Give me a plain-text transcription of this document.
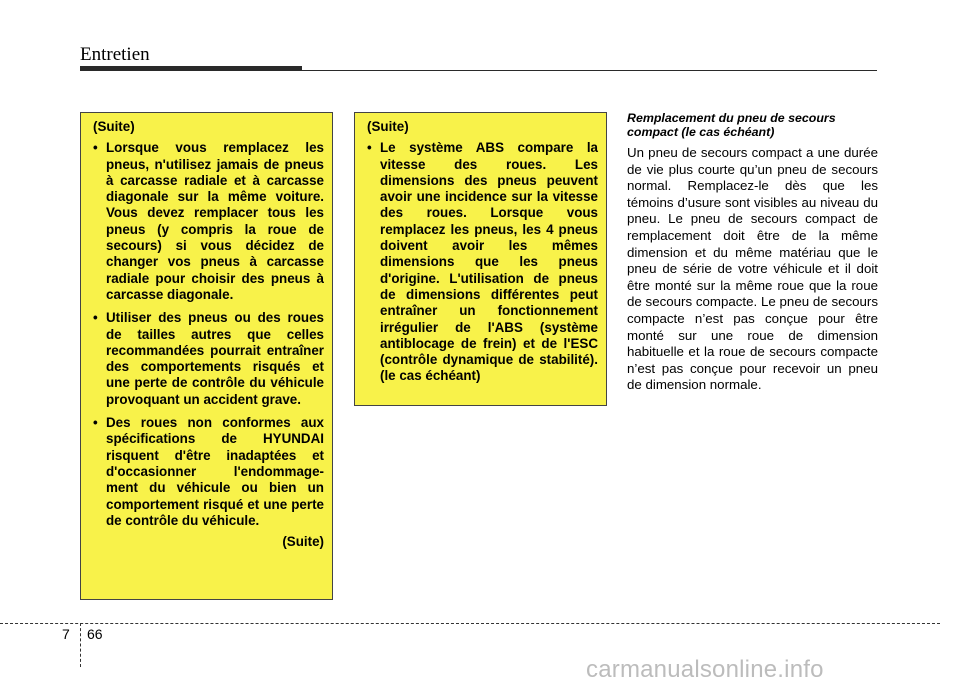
Entretien
(Suite)
• Lorsque vous remplacez les pneus, n'utilisez jamais de pneus à carcasse radiale et à carcasse diagonale sur la même voiture. Vous devez remplacer tous les pneus (y compris la roue de secours) si vous décidez de changer vos pneus à carcasse radiale pour choisir des pneus à carcasse diagonale.
• Utiliser des pneus ou des roues de tailles autres que celles recommandées pourrait entraîner des comportements risqués et une perte de contrôle du véhicule provoquant un accident grave.
• Des roues non conformes aux spécifications de HYUNDAI risquent d'être inadaptées et d'occasionner l'endommage- ment du véhicule ou bien un comportement risqué et une perte de contrôle du véhicule.
(Suite)
(Suite)
• Le système ABS compare la vitesse des roues. Les dimensions des pneus peuvent avoir une incidence sur la vitesse des roues. Lorsque vous remplacez les pneus, les 4 pneus doivent avoir les mêmes dimensions que les pneus d'origine. L'utilisation de pneus de dimensions différentes peut entraîner un fonctionnement irrégulier de l'ABS (système antiblocage de frein) et de l'ESC (contrôle dynamique de stabilité). (le cas échéant)

Remplacement du pneu de secours compact (le cas échéant)

Un pneu de secours compact a une durée de vie plus courte qu’un pneu de secours normal. Remplacez-le dès que les témoins d’usure sont visibles au niveau du pneu. Le pneu de secours compact de remplacement doit être de la même dimension et du même matériau que le pneu de série de votre véhicule et il doit être monté sur la même roue que la roue de secours compacte. Le pneu de secours compacte n’est pas conçue pour être monté sur une roue de dimension habituelle et la roue de secours compacte n’est pas conçue pour recevoir un pneu de dimension normale.

7 66
carmanualsonline.info
